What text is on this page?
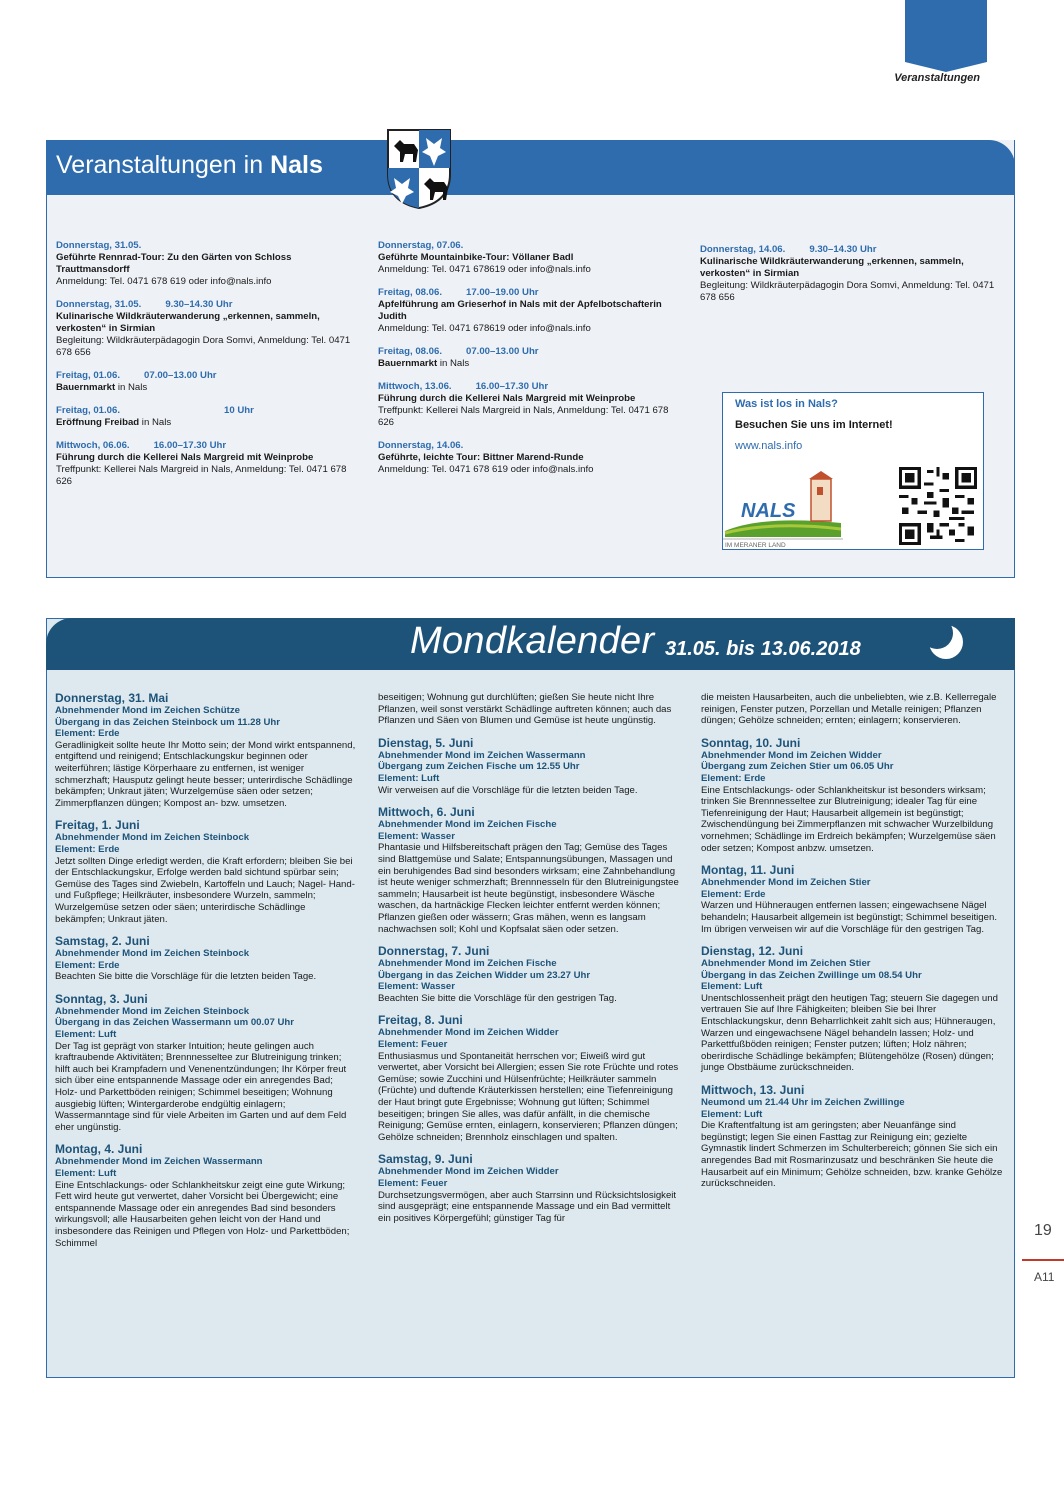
Veranstaltungen
Veranstaltungen in Nals
Donnerstag, 31.05.
Geführte Rennrad-Tour: Zu den Gärten von Schloss Trauttmansdorff
Anmeldung: Tel. 0471 678 619 oder info@nals.info
Donnerstag, 31.05.	9.30–14.30 Uhr
Kulinarische Wildkräuterwanderung „erkennen, sammeln, verkosten“ in Sirmian
Begleitung: Wildkräuterpädagogin Dora Somvi, Anmeldung: Tel. 0471 678 656
Freitag, 01.06.	07.00–13.00 Uhr
Bauernmarkt in Nals
Freitag, 01.06.	10 Uhr
Eröffnung Freibad in Nals
Mittwoch, 06.06.	16.00–17.30 Uhr
Führung durch die Kellerei Nals Margreid mit Weinprobe
Treffpunkt: Kellerei Nals Margreid in Nals, Anmeldung: Tel. 0471 678 626
Donnerstag, 07.06.
Geführte Mountainbike-Tour: Völlaner Badl
Anmeldung: Tel. 0471 678619 oder info@nals.info
Freitag, 08.06.	17.00–19.00 Uhr
Apfelführung am Grieserhof in Nals mit der Apfelbotschafterin Judith
Anmeldung: Tel. 0471 678619 oder info@nals.info
Freitag, 08.06.	07.00–13.00 Uhr
Bauernmarkt in Nals
Mittwoch, 13.06.	16.00–17.30 Uhr
Führung durch die Kellerei Nals Margreid mit Weinprobe
Treffpunkt: Kellerei Nals Margreid in Nals, Anmeldung: Tel. 0471 678 626
Donnerstag, 14.06.
Geführte, leichte Tour: Bittner Marend-Runde
Anmeldung: Tel. 0471 678 619 oder info@nals.info
Donnerstag, 14.06.	9.30–14.30 Uhr
Kulinarische Wildkräuterwanderung „erkennen, sammeln, verkosten“ in Sirmian
Begleitung: Wildkräuterpädagogin Dora Somvi, Anmeldung: Tel. 0471 678 656
Was ist los in Nals?
Besuchen Sie uns im Internet!
www.nals.info
NALS
IM MERANER LAND
Mondkalender 31.05. bis 13.06.2018
Donnerstag, 31. Mai
Abnehmender Mond im Zeichen Schütze
Übergang in das Zeichen Steinbock um 11.28 Uhr
Element: Erde
Geradlinigkeit sollte heute Ihr Motto sein; der Mond wirkt entspannend, entgiftend und reinigend; Entschlackungskur beginnen oder weiterführen; lästige Körperhaare zu entfernen, ist weniger schmerzhaft; Hausputz gelingt heute besser; unterirdische Schädlinge bekämpfen; Unkraut jäten; Wurzelgemüse säen oder setzen; Zimmerpflanzen düngen; Kompost an- bzw. umsetzen.
Freitag, 1. Juni
Abnehmender Mond im Zeichen Steinbock
Element: Erde
Jetzt sollten Dinge erledigt werden, die Kraft erfordern; bleiben Sie bei der Entschlackungskur, Erfolge werden bald sichtund spürbar sein; Gemüse des Tages sind Zwiebeln, Kartoffeln und Lauch; Nagel- Hand- und Fußpflege; Heilkräuter, insbesondere Wurzeln, sammeln; Wurzelgemüse setzen oder säen; unterirdische Schädlinge bekämpfen; Unkraut jäten.
Samstag, 2. Juni
Abnehmender Mond im Zeichen Steinbock
Element: Erde
Beachten Sie bitte die Vorschläge für die letzten beiden Tage.
Sonntag, 3. Juni
Abnehmender Mond im Zeichen Steinbock
Übergang in das Zeichen Wassermann um 00.07 Uhr
Element: Luft
Der Tag ist geprägt von starker Intuition; heute gelingen auch kraftraubende Aktivitäten; Brennnesseltee zur Blutreinigung trinken; hilft auch bei Krampfadern und Venenentzündungen; Ihr Körper freut sich über eine entspannende Massage oder ein anregendes Bad; Holz- und Parkettböden reinigen; Schimmel beseitigen; Wohnung ausgiebig lüften; Wintergarderobe endgültig einlagern; Wassermanntage sind für viele Arbeiten im Garten und auf dem Feld eher ungünstig.
Montag, 4. Juni
Abnehmender Mond im Zeichen Wassermann
Element: Luft
Eine Entschlackungs- oder Schlankheitskur zeigt eine gute Wirkung; Fett wird heute gut verwertet, daher Vorsicht bei Übergewicht; eine entspannende Massage oder ein anregendes Bad sind besonders wirkungsvoll; alle Hausarbeiten gehen leicht von der Hand und insbesondere das Reinigen und Pflegen von Holz- und Parkettböden; Schimmel
beseitigen; Wohnung gut durchlüften; gießen Sie heute nicht Ihre Pflanzen, weil sonst verstärkt Schädlinge auftreten können; auch das Pflanzen und Säen von Blumen und Gemüse ist heute ungünstig.
Dienstag, 5. Juni
Abnehmender Mond im Zeichen Wassermann
Übergang zum Zeichen Fische um 12.55 Uhr
Element: Luft
Wir verweisen auf die Vorschläge für die letzten beiden Tage.
Mittwoch, 6. Juni
Abnehmender Mond im Zeichen Fische
Element: Wasser
Phantasie und Hilfsbereitschaft prägen den Tag; Gemüse des Tages sind Blattgemüse und Salate; Entspannungsübungen, Massagen und ein beruhigendes Bad sind besonders wirksam; eine Zahnbehandlung ist heute weniger schmerzhaft; Brennnesseln für den Blutreinigungstee sammeln; Hausarbeit ist heute begünstigt, insbesondere Wäsche waschen, da hartnäckige Flecken leichter entfernt werden können; Pflanzen gießen oder wässern; Gras mähen, wenn es langsam nachwachsen soll; Kohl und Kopfsalat säen oder setzen.
Donnerstag, 7. Juni
Abnehmender Mond im Zeichen Fische
Übergang in das Zeichen Widder um 23.27 Uhr
Element: Wasser
Beachten Sie bitte die Vorschläge für den gestrigen Tag.
Freitag, 8. Juni
Abnehmender Mond im Zeichen Widder
Element: Feuer
Enthusiasmus und Spontaneität herrschen vor; Eiweiß wird gut verwertet, aber Vorsicht bei Allergien; essen Sie rote Früchte und rotes Gemüse; sowie Zucchini und Hülsenfrüchte; Heilkräuter sammeln (Früchte) und duftende Kräuterkissen herstellen; eine Tiefenreinigung der Haut bringt gute Ergebnisse; Wohnung gut lüften; Schimmel beseitigen; bringen Sie alles, was dafür anfällt, in die chemische Reinigung; Gemüse ernten, einlagern, konservieren; Pflanzen düngen; Gehölze schneiden; Brennholz einschlagen und spalten.
Samstag, 9. Juni
Abnehmender Mond im Zeichen Widder
Element: Feuer
Durchsetzungsvermögen, aber auch Starrsinn und Rücksichtslosigkeit sind ausgeprägt; eine entspannende Massage und ein Bad vermittelt ein positives Körpergefühl; günstiger Tag für
die meisten Hausarbeiten, auch die unbeliebten, wie z.B. Kellerregale reinigen, Fenster putzen, Porzellan und Metalle reinigen; Pflanzen düngen; Gehölze schneiden; ernten; einlagern; konservieren.
Sonntag, 10. Juni
Abnehmender Mond im Zeichen Widder
Übergang zum Zeichen Stier um 06.05 Uhr
Element: Erde
Eine Entschlackungs- oder Schlankheitskur ist besonders wirksam; trinken Sie Brennnesseltee zur Blutreinigung; idealer Tag für eine Tiefenreinigung der Haut; Hausarbeit allgemein ist begünstigt; Zwischendüngung bei Zimmerpflanzen mit schwacher Wurzelbildung vornehmen; Schädlinge im Erdreich bekämpfen; Wurzelgemüse säen oder setzen; Kompost anbzw. umsetzen.
Montag, 11. Juni
Abnehmender Mond im Zeichen Stier
Element: Erde
Warzen und Hühneraugen entfernen lassen; eingewachsene Nägel behandeln; Hausarbeit allgemein ist begünstigt; Schimmel beseitigen. Im übrigen verweisen wir auf die Vorschläge für den gestrigen Tag.
Dienstag, 12. Juni
Abnehmender Mond im Zeichen Stier
Übergang in das Zeichen Zwillinge um 08.54 Uhr
Element: Luft
Unentschlossenheit prägt den heutigen Tag; steuern Sie dagegen und vertrauen Sie auf Ihre Fähigkeiten; bleiben Sie bei Ihrer Entschlackungskur, denn Beharrlichkeit zahlt sich aus; Hühneraugen, Warzen und eingewachsene Nägel behandeln lassen; Holz- und Parkettfußböden reinigen; Fenster putzen; lüften; Holz nähren; oberirdische Schädlinge bekämpfen; Blütengehölze (Rosen) düngen; junge Obstbäume zurückschneiden.
Mittwoch, 13. Juni
Neumond um 21.44 Uhr im Zeichen Zwillinge
Element: Luft
Die Kraftentfaltung ist am geringsten; aber Neuanfänge sind begünstigt; legen Sie einen Fasttag zur Reinigung ein; gezielte Gymnastik lindert Schmerzen im Schulterbereich; gönnen Sie sich ein anregendes Bad mit Rosmarinzusatz und beschränken Sie heute die Hausarbeit auf ein Minimum; Gehölze schneiden, bzw. kranke Gehölze zurückschneiden.
19
A11
